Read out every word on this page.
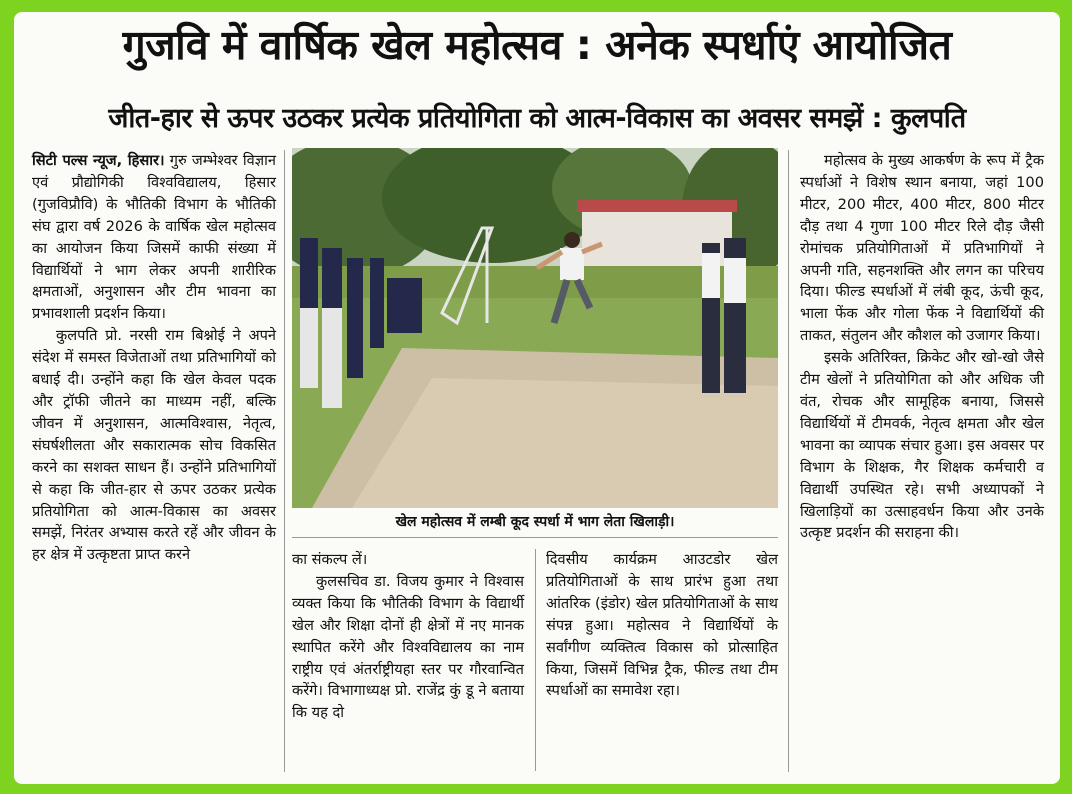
गुजवि में वार्षिक खेल महोत्सव : अनेक स्पर्धाएं आयोजित
जीत-हार से ऊपर उठकर प्रत्येक प्रतियोगिता को आत्म-विकास का अवसर समझें : कुलपति

सिटी पल्स न्यूज, हिसार। गुरु जम्भेश्वर विज्ञान एवं प्रौद्योगिकी विश्वविद्यालय, हिसार (गुजविप्रौवि) के भौतिकी विभाग के भौतिकी संघ द्वारा वर्ष 2026 के वार्षिक खेल महोत्सव का आयोजन किया जिसमें काफी संख्या में विद्यार्थियों ने भाग लेकर अपनी शारीरिक क्षमताओं, अनुशासन और टीम भावना का प्रभावशाली प्रदर्शन किया।

कुलपति प्रो. नरसी राम बिश्नोई ने अपने संदेश में समस्त विजेताओं तथा प्रतिभागियों को बधाई दी। उन्होंने कहा कि खेल केवल पदक और ट्रॉफी जीतने का माध्यम नहीं, बल्कि जीवन में अनुशासन, आत्मविश्वास, नेतृत्व, संघर्षशीलता और सकारात्मक सोच विकसित करने का सशक्त साधन हैं। उन्होंने प्रतिभागियों से कहा कि जीत-हार से ऊपर उठकर प्रत्येक प्रतियोगिता को आत्म-विकास का अवसर समझें, निरंतर अभ्यास करते रहें और जीवन के हर क्षेत्र में उत्कृष्टता प्राप्त करने

खेल महोत्सव में लम्बी कूद स्पर्धा में भाग लेता खिलाड़ी।

का संकल्प लें।

कुलसचिव डा. विजय कुमार ने विश्वास व्यक्त किया कि भौतिकी विभाग के विद्यार्थी खेल और शिक्षा दोनों ही क्षेत्रों में नए मानक स्थापित करेंगे और विश्वविद्यालय का नाम राष्ट्रीय एवं अंतर्राष्ट्रीयहा स्तर पर गौरवान्वित करेंगे। विभागाध्यक्ष प्रो. राजेंद्र कुं डू ने बताया कि यह दो

दिवसीय कार्यक्रम आउटडोर खेल प्रतियोगिताओं के साथ प्रारंभ हुआ तथा आंतरिक (इंडोर) खेल प्रतियोगिताओं के साथ संपन्न हुआ। महोत्सव ने विद्यार्थियों के सर्वांगीण व्यक्तित्व विकास को प्रोत्साहित किया, जिसमें विभिन्न ट्रैक, फील्ड तथा टीम स्पर्धाओं का समावेश रहा।

महोत्सव के मुख्य आकर्षण के रूप में ट्रैक स्पर्धाओं ने विशेष स्थान बनाया, जहां 100 मीटर, 200 मीटर, 400 मीटर, 800 मीटर दौड़ तथा 4 गुणा 100 मीटर रिले दौड़ जैसी रोमांचक प्रतियोगिताओं में प्रतिभागियों ने अपनी गति, सहनशक्ति और लगन का परिचय दिया। फील्ड स्पर्धाओं में लंबी कूद, ऊंची कूद, भाला फेंक और गोला फेंक ने विद्यार्थियों की ताकत, संतुलन और कौशल को उजागर किया।

इसके अतिरिक्त, क्रिकेट और खो-खो जैसे टीम खेलों ने प्रतियोगिता को और अधिक जी वंत, रोचक और सामूहिक बनाया, जिससे विद्यार्थियों में टीमवर्क, नेतृत्व क्षमता और खेल भावना का व्यापक संचार हुआ। इस अवसर पर विभाग के शिक्षक, गैर शिक्षक कर्मचारी व विद्यार्थी उपस्थित रहे। सभी अध्यापकों ने खिलाड़ियों का उत्साहवर्धन किया और उनके उत्कृष्ट प्रदर्शन की सराहना की।
